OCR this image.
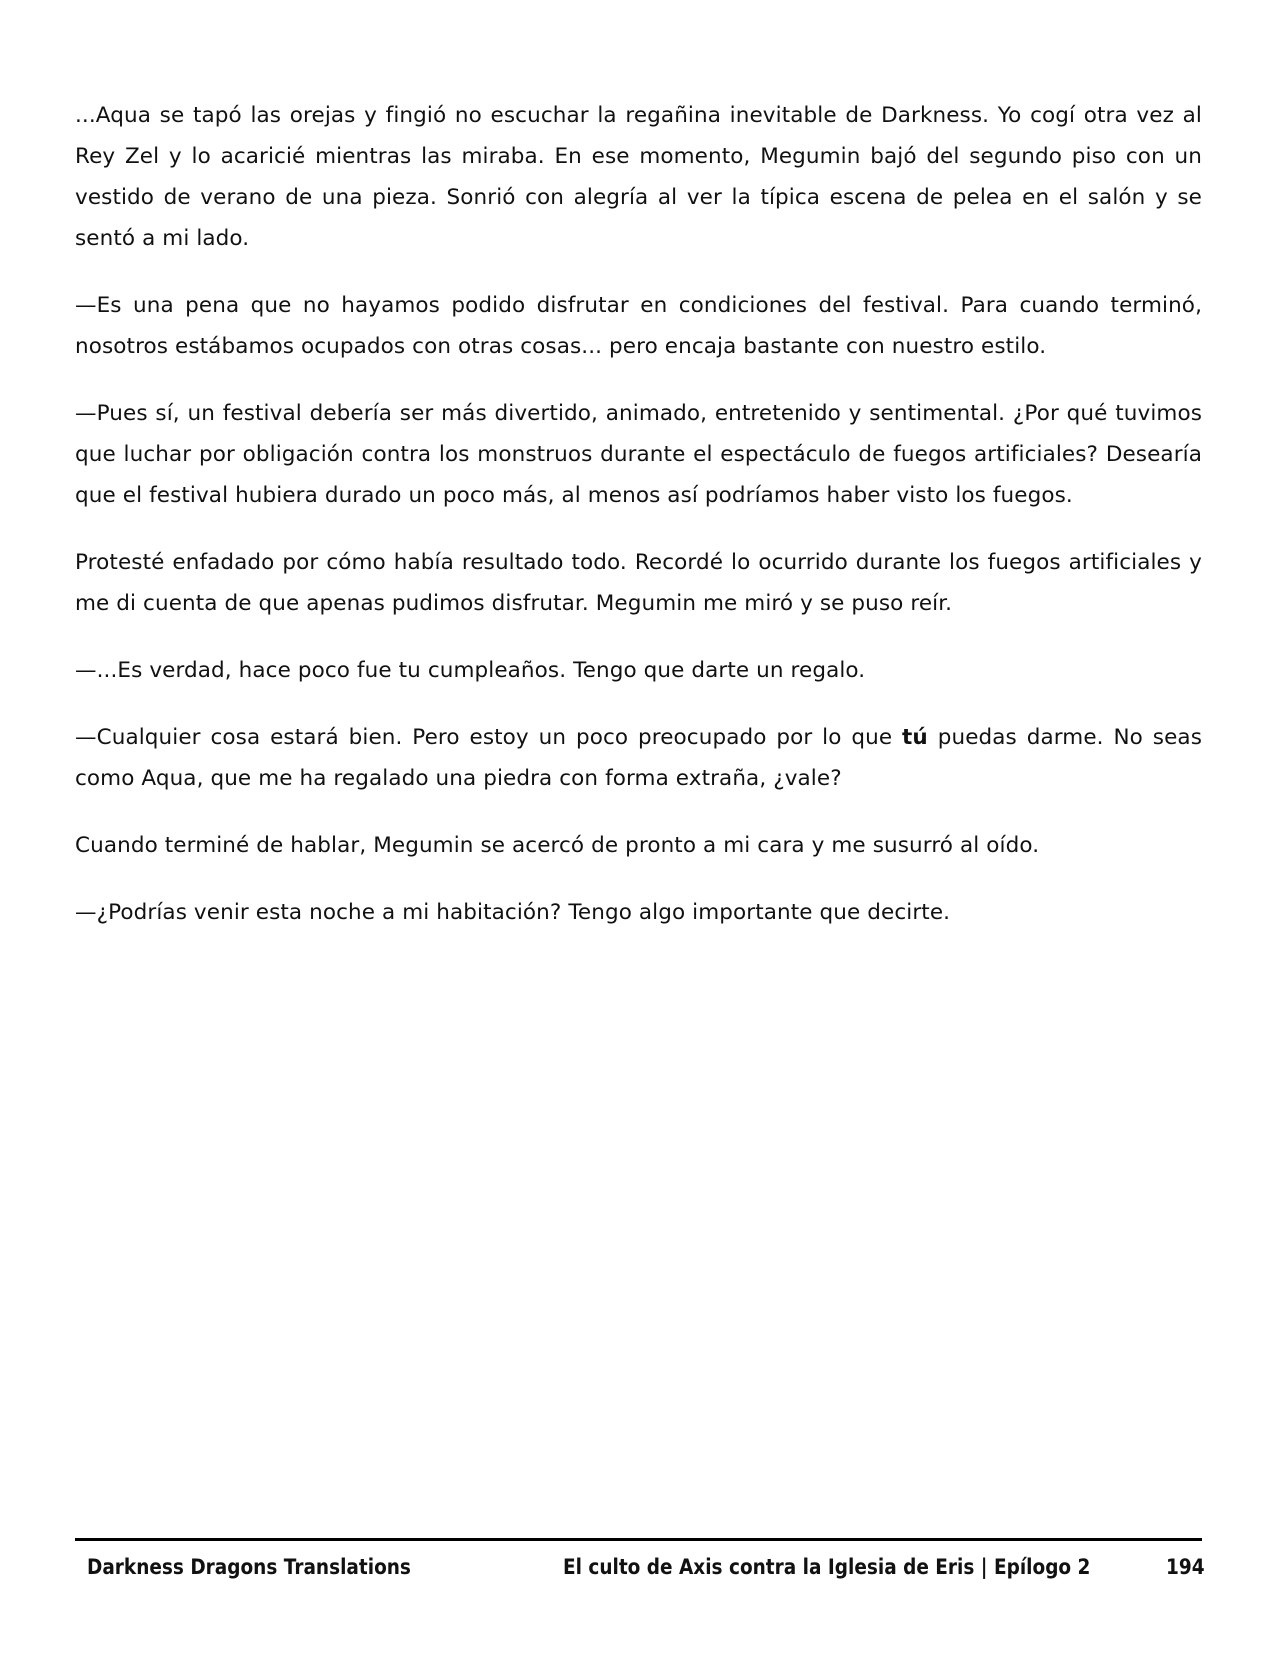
...Aqua se tapó las orejas y fingió no escuchar la regañina inevitable de Darkness. Yo cogí otra vez al Rey Zel y lo acaricié mientras las miraba. En ese momento, Megumin bajó del segundo piso con un vestido de verano de una pieza. Sonrió con alegría al ver la típica escena de pelea en el salón y se sentó a mi lado.

—Es una pena que no hayamos podido disfrutar en condiciones del festival. Para cuando terminó, nosotros estábamos ocupados con otras cosas... pero encaja bastante con nuestro estilo.

—Pues sí, un festival debería ser más divertido, animado, entretenido y sentimental. ¿Por qué tuvimos que luchar por obligación contra los monstruos durante el espectáculo de fuegos artificiales? Desearía que el festival hubiera durado un poco más, al menos así podríamos haber visto los fuegos.

Protesté enfadado por cómo había resultado todo. Recordé lo ocurrido durante los fuegos artificiales y me di cuenta de que apenas pudimos disfrutar. Megumin me miró y se puso reír.

—...Es verdad, hace poco fue tu cumpleaños. Tengo que darte un regalo.

—Cualquier cosa estará bien. Pero estoy un poco preocupado por lo que tú puedas darme. No seas como Aqua, que me ha regalado una piedra con forma extraña, ¿vale?

Cuando terminé de hablar, Megumin se acercó de pronto a mi cara y me susurró al oído.

—¿Podrías venir esta noche a mi habitación? Tengo algo importante que decirte.

Darkness Dragons Translations	El culto de Axis contra la Iglesia de Eris | Epílogo 2	194
